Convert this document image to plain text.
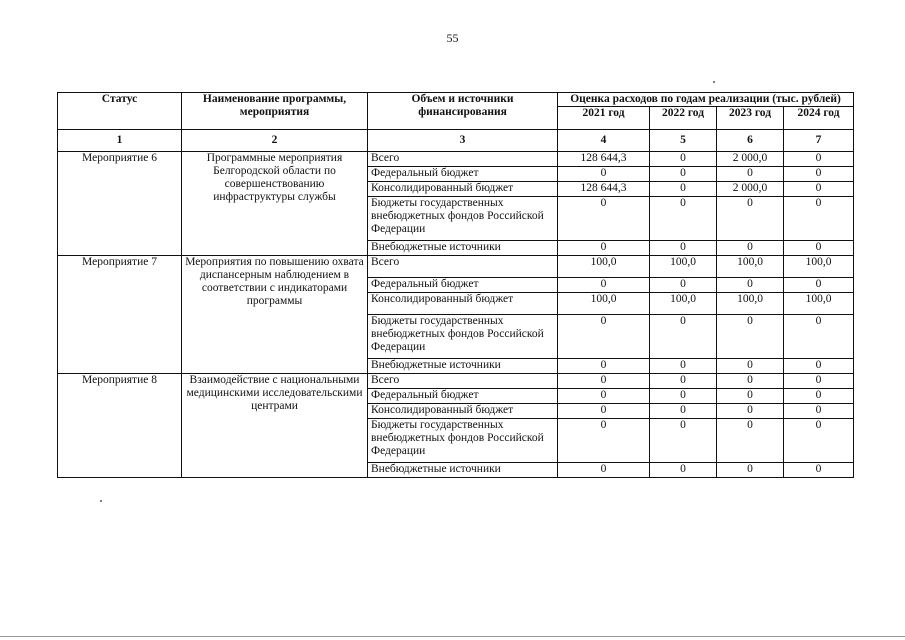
55
Статус	Наименование программы, мероприятия	Объем и источники финансирования	Оценка расходов по годам реализации (тыс. рублей)			
			2021 год	2022 год	2023 год	2024 год
1	2	3	4	5	6	7
Мероприятие 6	Программные мероприятия Белгородской области по совершенствованию инфраструктуры службы	Всего	128 644,3	0	2 000,0	0
		Федеральный бюджет	0	0	0	0
		Консолидированный бюджет	128 644,3	0	2 000,0	0
		Бюджеты государственных внебюджетных фондов Российской Федерации	0	0	0	0
		Внебюджетные источники	0	0	0	0
Мероприятие 7	Мероприятия по повышению охвата диспансерным наблюдением в соответствии с индикаторами программы	Всего	100,0	100,0	100,0	100,0
		Федеральный бюджет	0	0	0	0
		Консолидированный бюджет	100,0	100,0	100,0	100,0
		Бюджеты государственных внебюджетных фондов Российской Федерации	0	0	0	0
		Внебюджетные источники	0	0	0	0
Мероприятие 8	Взаимодействие с национальными медицинскими исследовательскими центрами	Всего	0	0	0	0
		Федеральный бюджет	0	0	0	0
		Консолидированный бюджет	0	0	0	0
		Бюджеты государственных внебюджетных фондов Российской Федерации	0	0	0	0
		Внебюджетные источники	0	0	0	0
